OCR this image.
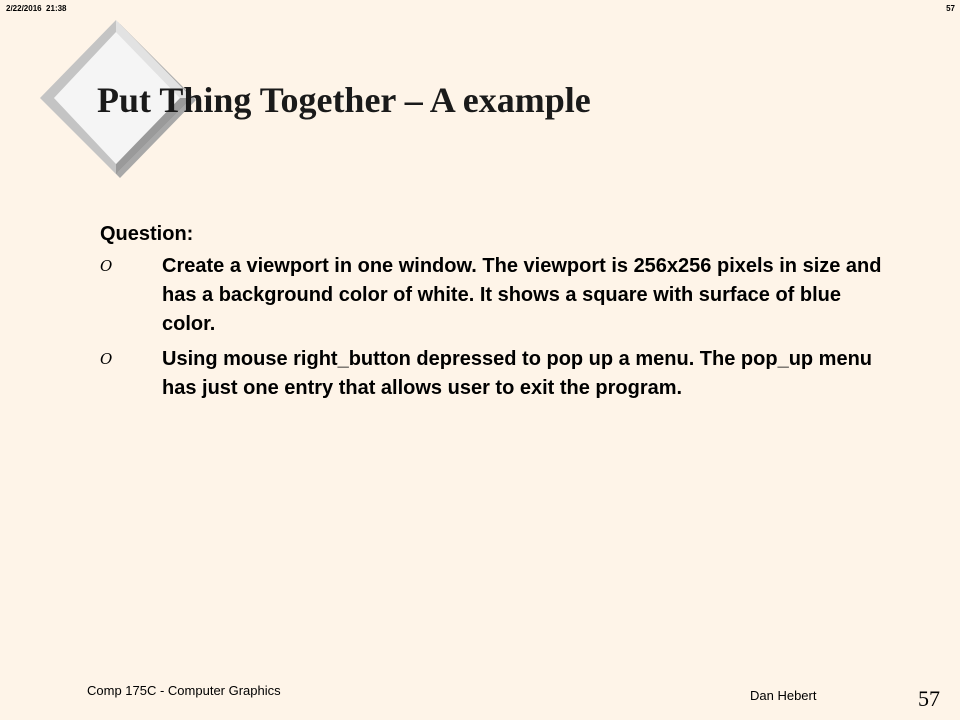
2/22/2016 21:38	57
Put Thing Together – A example

Question:

O Create a viewport in one window. The viewport is 256x256 pixels in size and has a background color of white. It shows a square with surface of blue color.
O Using mouse right_button depressed to pop up a menu. The pop_up menu has just one entry that allows user to exit the program.
Comp 175C - Computer Graphics	Dan Hebert	57
